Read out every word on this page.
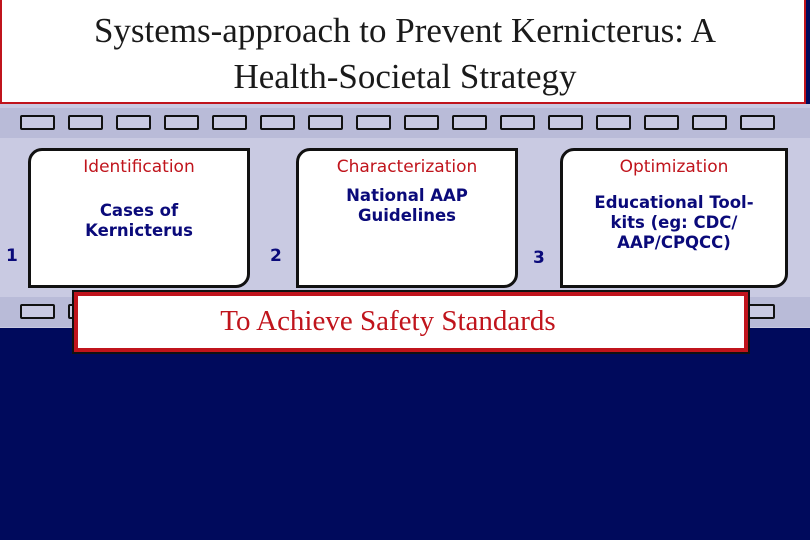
Systems-approach to Prevent Kernicterus: A
Health-Societal Strategy
Identification
Cases of
Kernicterus
Characterization
National AAP
Guidelines
Optimization
Educational Tool-
kits (eg: CDC/
AAP/CPQCC)
1	2	3
To Achieve Safety Standards
